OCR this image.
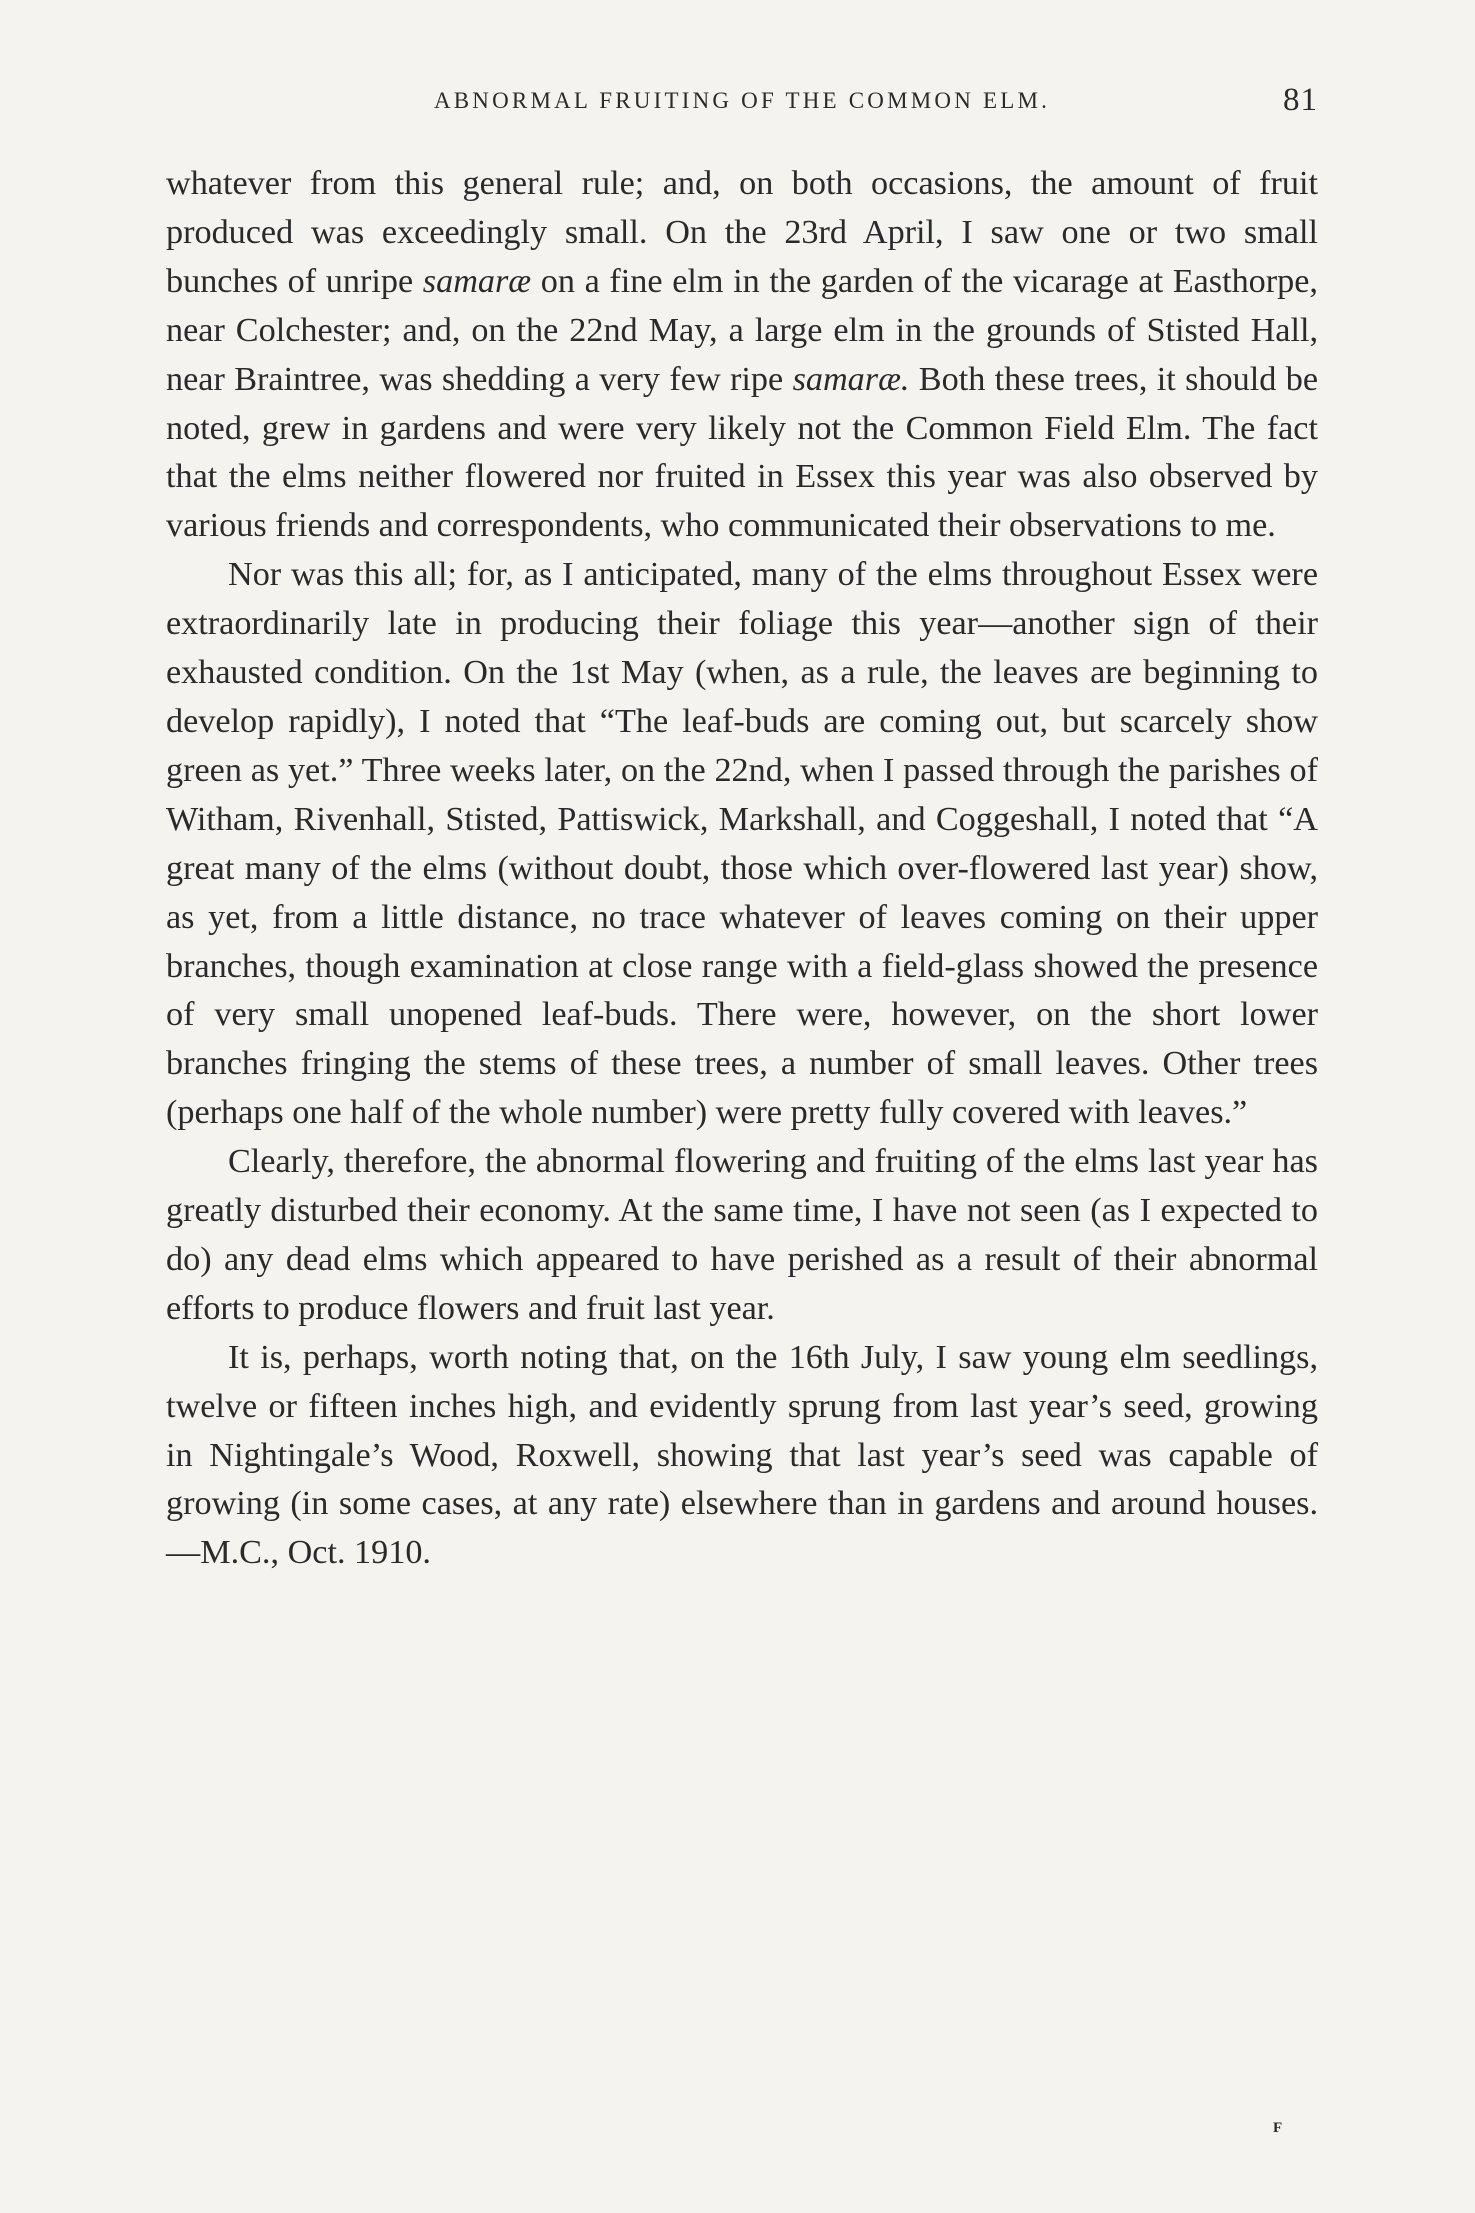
ABNORMAL FRUITING OF THE COMMON ELM.	81

whatever from this general rule; and, on both occasions, the amount of fruit produced was exceedingly small. On the 23rd April, I saw one or two small bunches of unripe samaræ on a fine elm in the garden of the vicarage at Easthorpe, near Colchester; and, on the 22nd May, a large elm in the grounds of Stisted Hall, near Braintree, was shedding a very few ripe samaræ. Both these trees, it should be noted, grew in gardens and were very likely not the Common Field Elm. The fact that the elms neither flowered nor fruited in Essex this year was also observed by various friends and correspondents, who communicated their observations to me.

Nor was this all; for, as I anticipated, many of the elms throughout Essex were extraordinarily late in producing their foliage this year—another sign of their exhausted condition. On the 1st May (when, as a rule, the leaves are beginning to develop rapidly), I noted that “The leaf-buds are coming out, but scarcely show green as yet.” Three weeks later, on the 22nd, when I passed through the parishes of Witham, Rivenhall, Stisted, Pattiswick, Markshall, and Coggeshall, I noted that “A great many of the elms (without doubt, those which over-flowered last year) show, as yet, from a little distance, no trace whatever of leaves coming on their upper branches, though examination at close range with a field-glass showed the presence of very small unopened leaf-buds. There were, however, on the short lower branches fringing the stems of these trees, a number of small leaves. Other trees (perhaps one half of the whole number) were pretty fully covered with leaves.”

Clearly, therefore, the abnormal flowering and fruiting of the elms last year has greatly disturbed their economy. At the same time, I have not seen (as I expected to do) any dead elms which appeared to have perished as a result of their abnormal efforts to produce flowers and fruit last year.

It is, perhaps, worth noting that, on the 16th July, I saw young elm seedlings, twelve or fifteen inches high, and evidently sprung from last year’s seed, growing in Nightingale’s Wood, Roxwell, showing that last year’s seed was capable of growing (in some cases, at any rate) elsewhere than in gardens and around houses.—M.C., Oct. 1910.

F
